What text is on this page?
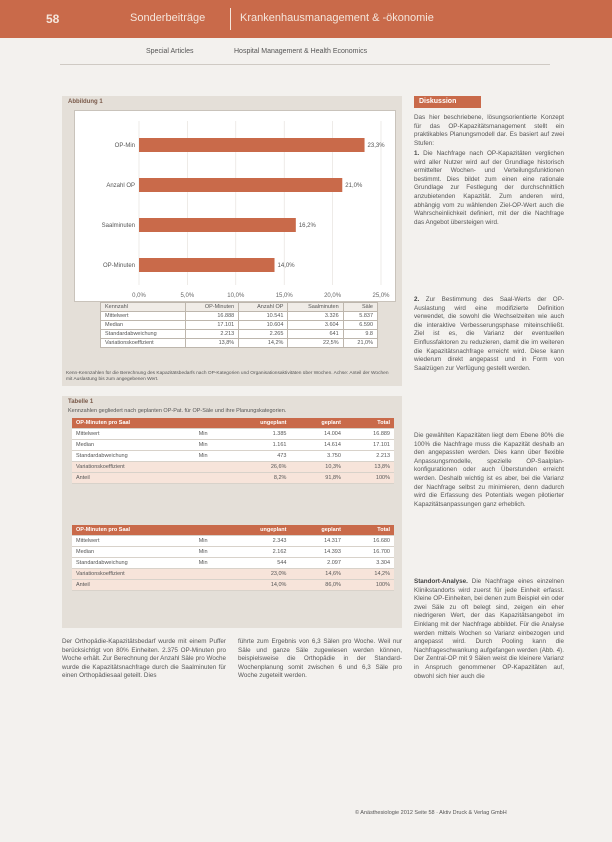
58	Sonderbeiträge	Krankenhausmanagement & -ökonomie
Special Articles	Hospital Management & Health Economics
Abbildung 1
0,0%	5,0%	10,0%	15,0%	20,0%	25,0%
OP-Min	23,3%
Anzahl OP	21,0%
Saalminuten	16,2%
OP-Minuten	14,0%
Kennzahl	OP-Minuten	Anzahl OP	Saalminuten	Säle
Mittelwert	16.888	10.541	3.326	5.837
Median	17.101	10.604	3.604	6.590
Standardabweichung	2.213	2.265	641	9.8
Variationskoeffizient	13,8%	14,2%	22,5%	21,0%
Kenn-Kennzahlen für die Berechnung des Kapazitätsbedarfs nach OP-Kategorien und Organisationsaktivitäten über Wochen. Achse: Anteil der Wochen mit Auslastung bis zum angegebenen Wert.
Tabelle 1
Kennzahlen gegliedert nach geplanten OP-Pat. für OP-Säle und ihre Planungskategorien.
OP-Minuten pro Saal		ungeplant	geplant	Total
Mittelwert	Min	1.385	14.004	16.889
Median	Min	1.161	14.614	17.101
Standardabweichung	Min	473	3.750	2.213
Variationskoeffizient		26,6%	10,3%	13,8%
Anteil		8,2%	91,8%	100%
OP-Minuten pro Saal		ungeplant	geplant	Total
Mittelwert	Min	2.343	14.317	16.680
Median	Min	2.162	14.393	16.700
Standardabweichung	Min	544	2.097	3.304
Variationskoeffizient		23,0%	14,6%	14,2%
Anteil		14,0%	86,0%	100%
Der Orthopädie-Kapazitätsbedarf wurde mit einem Puffer berücksichtigt von 80% Einheiten. 2.375 OP-Minuten pro Woche erhält. Zur Berechnung der Anzahl Säle pro Woche wurde die Kapazitätsnachfrage durch die Saalminuten für einen Orthopädiesaal geteilt. Dies
führte zum Ergebnis von 6,3 Sälen pro Woche. Weil nur Säle und ganze Säle zugewiesen werden können, beispielsweise die Orthopädie in der Standard-Wochenplanung somit zwischen 6 und 6,3 Säle pro Woche zugeteilt werden.
Diskussion
Das hier beschriebene, lösungsorientierte Konzept für das OP-Kapazitätsmanagement stellt ein praktikables Planungsmodell dar. Es basiert auf zwei Stufen:
1. Die Nachfrage nach OP-Kapazitäten verglichen wird aller Nutzer wird auf der Grundlage historisch ermittelter Wochen- und Verteilungsfunktionen bestimmt. Dies bildet zum einen eine rationale Grundlage zur Festlegung der durchschnittlich anzubietenden Kapazität. Zum anderen wird, abhängig vom zu wählenden Ziel-OP-Wert auch die Wahrscheinlichkeit definiert, mit der die Nachfrage das Angebot übersteigen wird.
2. Zur Bestimmung des Saal-Werts der OP-Auslastung wird eine modifizierte Definition verwendet, die sowohl die Wechselzeiten wie auch die interaktive Verbesserungsphase miteinschließt. Ziel ist es, die Varianz der eventuellen Einflussfaktoren zu reduzieren, damit die im weiteren die Kapazitätsnachfrage erreicht wird. Diese kann wiederum direkt angepasst und in Form von Saalzügen zur Verfügung gestellt werden.
Die gewählten Kapazitäten liegt dem Ebene 80% die 100% die Nachfrage muss die Kapazität deshalb an den angepassten werden. Dies kann über flexible Anpassungsmodelle, spezielle OP-Saalplan-konfigurationen oder auch Überstunden erreicht werden. Deshalb wichtig ist es aber, bei die Varianz der Nachfrage selbst zu minimieren, denn dadurch wird die Erfassung des Potentials wegen pilotierter Kapazitätsanpassungen ganz erheblich.
Standort-Analyse. Die Nachfrage eines einzelnen Klinikstandorts wird zuerst für jede Einheit erfasst. Kleine OP-Einheiten, bei denen zum Beispiel ein oder zwei Säle zu oft belegt sind, zeigen ein eher niedrigeren Wert, der das Kapazitätsangebot im Einklang mit der Nachfrage abbildet. Für die Analyse werden mittels Wochen so Varianz einbezogen und angepasst wird. Durch Pooling kann die Nachfrageschwankung aufgefangen werden (Abb. 4). Der Zentral-OP mit 9 Sälen weist die kleinere Varianz in Anspruch genommener OP-Kapazitäten auf, obwohl sich hier auch die
© Anästhesiologie 2012 Seite 58 · Aktiv Druck & Verlag GmbH
